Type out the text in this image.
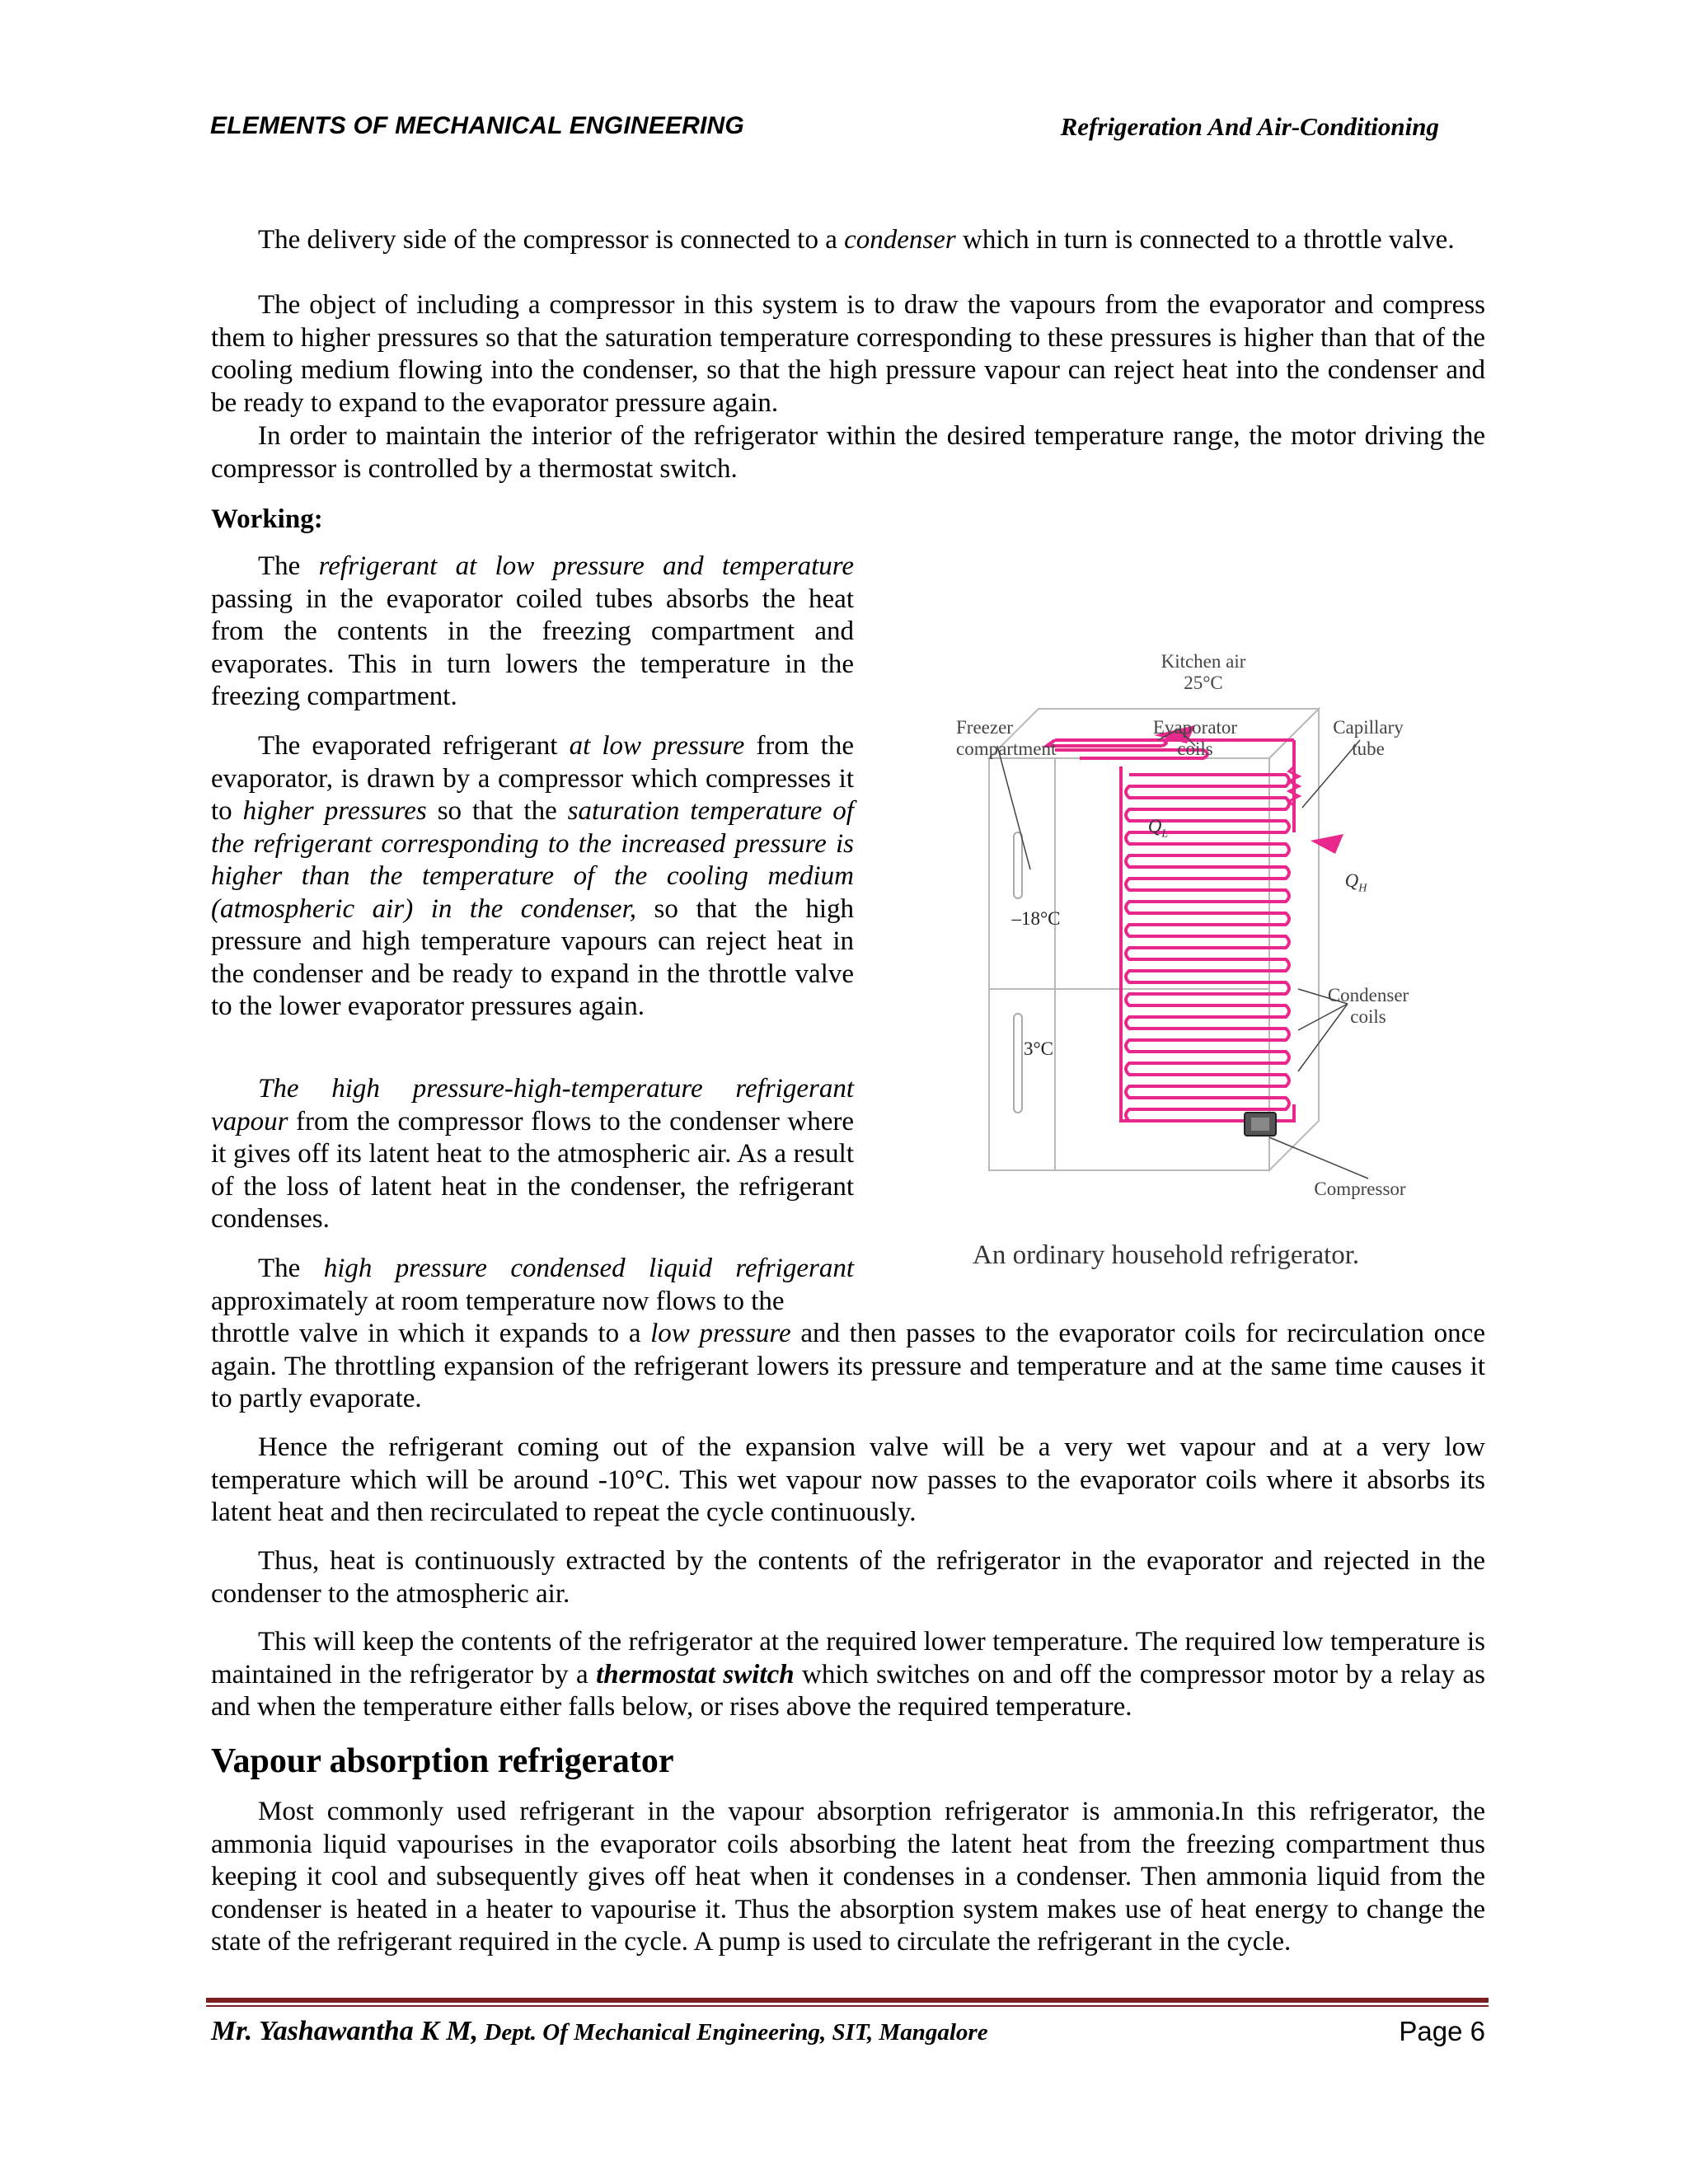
ELEMENTS OF MECHANICAL ENGINEERING	Refrigeration And Air-Conditioning

The delivery side of the compressor is connected to a condenser which in turn is connected to a throttle valve.

The object of including a compressor in this system is to draw the vapours from the evaporator and compress them to higher pressures so that the saturation temperature corresponding to these pressures is higher than that of the cooling medium flowing into the condenser, so that the high pressure vapour can reject heat into the condenser and be ready to expand to the evaporator pressure again.

In order to maintain the interior of the refrigerator within the desired temperature range, the motor driving the compressor is controlled by a thermostat switch.

Working:

The refrigerant at low pressure and temperature passing in the evaporator coiled tubes absorbs the heat from the contents in the freezing compartment and evaporates. This in turn lowers the temperature in the freezing compartment.

The evaporated refrigerant at low pressure from the evaporator, is drawn by a compressor which compresses it to higher pressures so that the saturation temperature of the refrigerant corresponding to the increased pressure is higher than the temperature of the cooling medium (atmospheric air) in the condenser, so that the high pressure and high temperature vapours can reject heat in the condenser and be ready to expand in the throttle valve to the lower evaporator pressures again.

The high pressure-high-temperature refrigerant vapour from the compressor flows to the condenser where it gives off its latent heat to the atmospheric air. As a result of the loss of latent heat in the condenser, the refrigerant condenses.

The high pressure condensed liquid refrigerant approximately at room temperature now flows to the

throttle valve in which it expands to a low pressure and then passes to the evaporator coils for recirculation once again. The throttling expansion of the refrigerant lowers its pressure and temperature and at the same time causes it to partly evaporate.

Hence the refrigerant coming out of the expansion valve will be a very wet vapour and at a very low temperature which will be around -10°C. This wet vapour now passes to the evaporator coils where it absorbs its latent heat and then recirculated to repeat the cycle continuously.

Thus, heat is continuously extracted by the contents of the refrigerator in the evaporator and rejected in the condenser to the atmospheric air.

This will keep the contents of the refrigerator at the required lower temperature. The required low temperature is maintained in the refrigerator by a thermostat switch which switches on and off the compressor motor by a relay as and when the temperature either falls below, or rises above the required temperature.

Kitchen air
25°C
Freezer
compartment
Evaporator
coils
Capillary
tube
$Q_L$
$Q_H$
–18°C
3°C
Condenser
coils
Compressor
An ordinary household refrigerator.
Vapour absorption refrigerator

Most commonly used refrigerant in the vapour absorption refrigerator is ammonia.In this refrigerator, the ammonia liquid vapourises in the evaporator coils absorbing the latent heat from the freezing compartment thus keeping it cool and subsequently gives off heat when it condenses in a condenser. Then ammonia liquid from the condenser is heated in a heater to vapourise it. Thus the absorption system makes use of heat energy to change the state of the refrigerant required in the cycle. A pump is used to circulate the refrigerant in the cycle.

Mr. Yashawantha K M, Dept. Of Mechanical Engineering, SIT, Mangalore	Page 6
